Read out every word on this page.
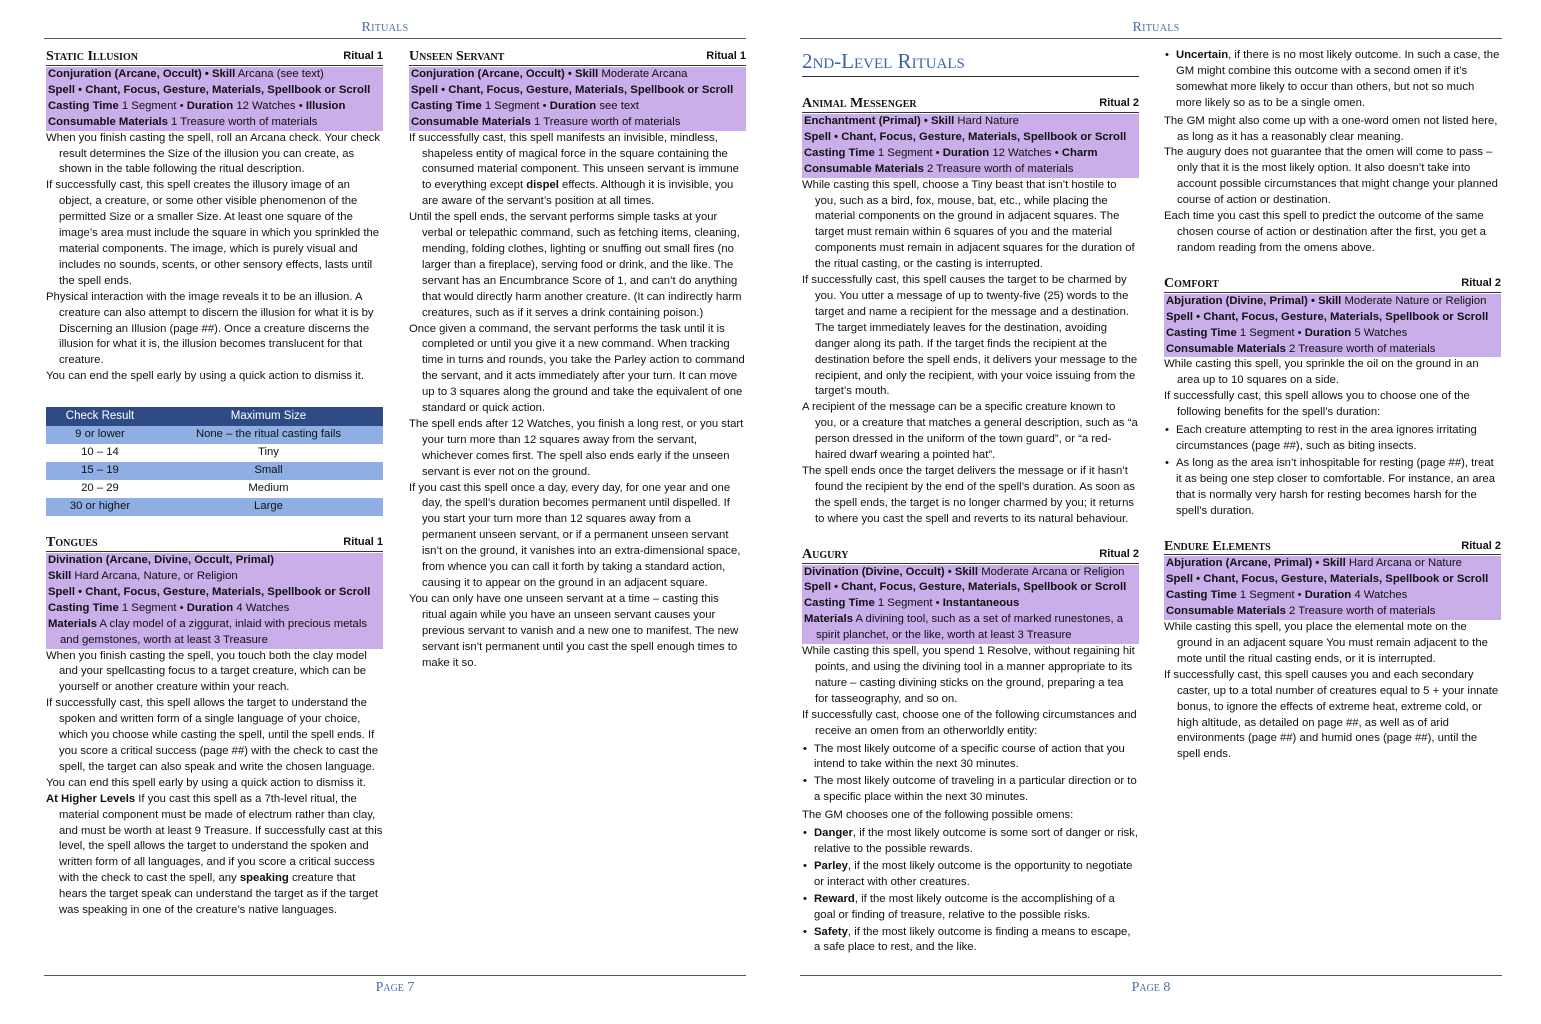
Rituals
Static Illusion	Ritual 1
Conjuration (Arcane, Occult) • Skill Arcana (see text)
Spell • Chant, Focus, Gesture, Materials, Spellbook or Scroll
Casting Time 1 Segment • Duration 12 Watches • Illusion
Consumable Materials 1 Treasure worth of materials

When you finish casting the spell, roll an Arcana check. Your check result determines the Size of the illusion you can create, as shown in the table following the ritual description.

If successfully cast, this spell creates the illusory image of an object, a creature, or some other visible phenomenon of the permitted Size or a smaller Size. At least one square of the image’s area must include the square in which you sprinkled the material components. The image, which is purely visual and includes no sounds, scents, or other sensory effects, lasts until the spell ends.

Physical interaction with the image reveals it to be an illusion. A creature can also attempt to discern the illusion for what it is by Discerning an Illusion (page ##). Once a creature discerns the illusion for what it is, the illusion becomes translucent for that creature.

You can end the spell early by using a quick action to dismiss it.

Check Result	Maximum Size
9 or lower	None – the ritual casting fails
10 – 14	Tiny
15 – 19	Small
20 – 29	Medium
30 or higher	Large
Tongues	Ritual 1
Divination (Arcane, Divine, Occult, Primal)
Skill Hard Arcana, Nature, or Religion
Spell • Chant, Focus, Gesture, Materials, Spellbook or Scroll
Casting Time 1 Segment • Duration 4 Watches
Materials A clay model of a ziggurat, inlaid with precious metals and gemstones, worth at least 3 Treasure

When you finish casting the spell, you touch both the clay model and your spellcasting focus to a target creature, which can be yourself or another creature within your reach.

If successfully cast, this spell allows the target to understand the spoken and written form of a single language of your choice, which you choose while casting the spell, until the spell ends. If you score a critical success (page ##) with the check to cast the spell, the target can also speak and write the chosen language.

You can end this spell early by using a quick action to dismiss it.

At Higher Levels If you cast this spell as a 7th-level ritual, the material component must be made of electrum rather than clay, and must be worth at least 9 Treasure. If successfully cast at this level, the spell allows the target to understand the spoken and written form of all languages, and if you score a critical success with the check to cast the spell, any speaking creature that hears the target speak can understand the target as if the target was speaking in one of the creature’s native languages.

Unseen Servant	Ritual 1
Conjuration (Arcane, Occult) • Skill Moderate Arcana
Spell • Chant, Focus, Gesture, Materials, Spellbook or Scroll
Casting Time 1 Segment • Duration see text
Consumable Materials 1 Treasure worth of materials

If successfully cast, this spell manifests an invisible, mindless, shapeless entity of magical force in the square containing the consumed material component. This unseen servant is immune to everything except dispel effects. Although it is invisible, you are aware of the servant’s position at all times.

Until the spell ends, the servant performs simple tasks at your verbal or telepathic command, such as fetching items, cleaning, mending, folding clothes, lighting or snuffing out small fires (no larger than a fireplace), serving food or drink, and the like. The servant has an Encumbrance Score of 1, and can’t do anything that would directly harm another creature. (It can indirectly harm creatures, such as if it serves a drink containing poison.)

Once given a command, the servant performs the task until it is completed or until you give it a new command. When tracking time in turns and rounds, you take the Parley action to command the servant, and it acts immediately after your turn. It can move up to 3 squares along the ground and take the equivalent of one standard or quick action.

The spell ends after 12 Watches, you finish a long rest, or you start your turn more than 12 squares away from the servant, whichever comes first. The spell also ends early if the unseen servant is ever not on the ground.

If you cast this spell once a day, every day, for one year and one day, the spell’s duration becomes permanent until dispelled. If you start your turn more than 12 squares away from a permanent unseen servant, or if a permanent unseen servant isn’t on the ground, it vanishes into an extra-dimensional space, from whence you can call it forth by taking a standard action, causing it to appear on the ground in an adjacent square.

You can only have one unseen servant at a time – casting this ritual again while you have an unseen servant causes your previous servant to vanish and a new one to manifest. The new servant isn’t permanent until you cast the spell enough times to make it so.

Page 7
Rituals
2nd-Level Rituals
Animal Messenger	Ritual 2
Enchantment (Primal) • Skill Hard Nature
Spell • Chant, Focus, Gesture, Materials, Spellbook or Scroll
Casting Time 1 Segment • Duration 12 Watches • Charm
Consumable Materials 2 Treasure worth of materials

While casting this spell, choose a Tiny beast that isn’t hostile to you, such as a bird, fox, mouse, bat, etc., while placing the material components on the ground in adjacent squares. The target must remain within 6 squares of you and the material components must remain in adjacent squares for the duration of the ritual casting, or the casting is interrupted.

If successfully cast, this spell causes the target to be charmed by you. You utter a message of up to twenty-five (25) words to the target and name a recipient for the message and a destination. The target immediately leaves for the destination, avoiding danger along its path. If the target finds the recipient at the destination before the spell ends, it delivers your message to the recipient, and only the recipient, with your voice issuing from the target’s mouth.

A recipient of the message can be a specific creature known to you, or a creature that matches a general description, such as “a person dressed in the uniform of the town guard”, or “a red-haired dwarf wearing a pointed hat”.

The spell ends once the target delivers the message or if it hasn’t found the recipient by the end of the spell’s duration. As soon as the spell ends, the target is no longer charmed by you; it returns to where you cast the spell and reverts to its natural behaviour.

Augury	Ritual 2
Divination (Divine, Occult) • Skill Moderate Arcana or Religion
Spell • Chant, Focus, Gesture, Materials, Spellbook or Scroll
Casting Time 1 Segment • Instantaneous
Materials A divining tool, such as a set of marked runestones, a spirit planchet, or the like, worth at least 3 Treasure

While casting this spell, you spend 1 Resolve, without regaining hit points, and using the divining tool in a manner appropriate to its nature – casting divining sticks on the ground, preparing a tea for tasseography, and so on.

If successfully cast, choose one of the following circumstances and receive an omen from an otherworldly entity:

• The most likely outcome of a specific course of action that you intend to take within the next 30 minutes.
• The most likely outcome of traveling in a particular direction or to a specific place within the next 30 minutes.

The GM chooses one of the following possible omens:

• Danger, if the most likely outcome is some sort of danger or risk, relative to the possible rewards.
• Parley, if the most likely outcome is the opportunity to negotiate or interact with other creatures.
• Reward, if the most likely outcome is the accomplishing of a goal or finding of treasure, relative to the possible risks.
• Safety, if the most likely outcome is finding a means to escape, a safe place to rest, and the like.
• Uncertain, if there is no most likely outcome. In such a case, the GM might combine this outcome with a second omen if it’s somewhat more likely to occur than others, but not so much more likely so as to be a single omen.

The GM might also come up with a one-word omen not listed here, as long as it has a reasonably clear meaning.

The augury does not guarantee that the omen will come to pass – only that it is the most likely option. It also doesn’t take into account possible circumstances that might change your planned course of action or destination.

Each time you cast this spell to predict the outcome of the same chosen course of action or destination after the first, you get a random reading from the omens above.

Comfort	Ritual 2
Abjuration (Divine, Primal) • Skill Moderate Nature or Religion
Spell • Chant, Focus, Gesture, Materials, Spellbook or Scroll
Casting Time 1 Segment • Duration 5 Watches
Consumable Materials 2 Treasure worth of materials

While casting this spell, you sprinkle the oil on the ground in an area up to 10 squares on a side.

If successfully cast, this spell allows you to choose one of the following benefits for the spell’s duration:

• Each creature attempting to rest in the area ignores irritating circumstances (page ##), such as biting insects.
• As long as the area isn’t inhospitable for resting (page ##), treat it as being one step closer to comfortable. For instance, an area that is normally very harsh for resting becomes harsh for the spell’s duration.
Endure Elements	Ritual 2
Abjuration (Arcane, Primal) • Skill Hard Arcana or Nature
Spell • Chant, Focus, Gesture, Materials, Spellbook or Scroll
Casting Time 1 Segment • Duration 4 Watches
Consumable Materials 2 Treasure worth of materials

While casting this spell, you place the elemental mote on the ground in an adjacent square You must remain adjacent to the mote until the ritual casting ends, or it is interrupted.

If successfully cast, this spell causes you and each secondary caster, up to a total number of creatures equal to 5 + your innate bonus, to ignore the effects of extreme heat, extreme cold, or high altitude, as detailed on page ##, as well as of arid environments (page ##) and humid ones (page ##), until the spell ends.

Page 8
